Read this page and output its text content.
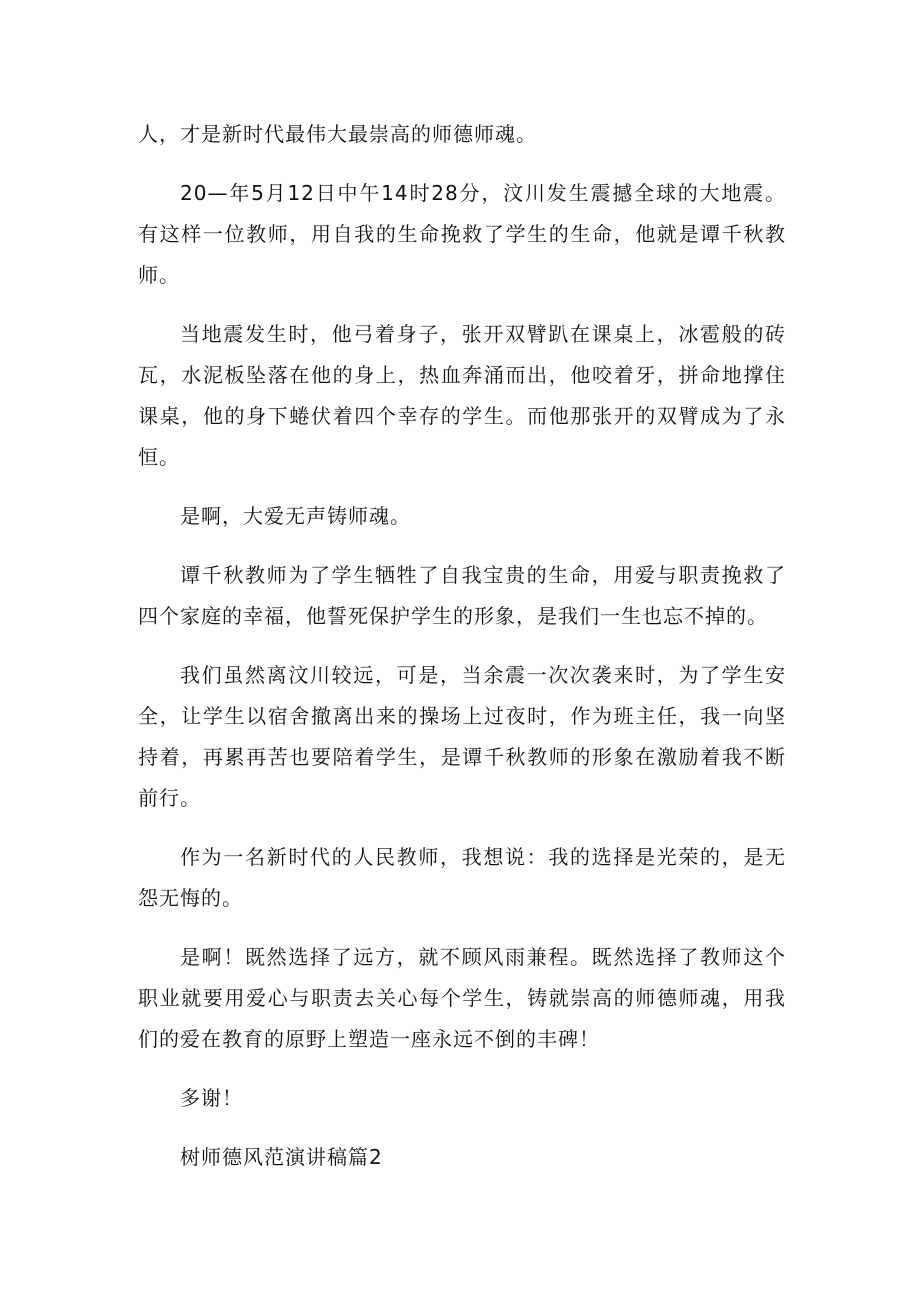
人，才是新时代最伟大最崇高的师德师魂。

20—年5月12日中午14时28分，汶川发生震撼全球的大地震。有这样一位教师，用自我的生命挽救了学生的生命，他就是谭千秋教师。

当地震发生时，他弓着身子，张开双臂趴在课桌上，冰雹般的砖瓦，水泥板坠落在他的身上，热血奔涌而出，他咬着牙，拼命地撑住课桌，他的身下蜷伏着四个幸存的学生。而他那张开的双臂成为了永恒。

是啊，大爱无声铸师魂。

谭千秋教师为了学生牺牲了自我宝贵的生命，用爱与职责挽救了四个家庭的幸福，他誓死保护学生的形象，是我们一生也忘不掉的。

我们虽然离汶川较远，可是，当余震一次次袭来时，为了学生安全，让学生以宿舍撤离出来的操场上过夜时，作为班主任，我一向坚持着，再累再苦也要陪着学生，是谭千秋教师的形象在激励着我不断前行。

作为一名新时代的人民教师，我想说：我的选择是光荣的，是无怨无悔的。

是啊！既然选择了远方，就不顾风雨兼程。既然选择了教师这个职业就要用爱心与职责去关心每个学生，铸就崇高的师德师魂，用我们的爱在教育的原野上塑造一座永远不倒的丰碑！

多谢！

树师德风范演讲稿篇2
